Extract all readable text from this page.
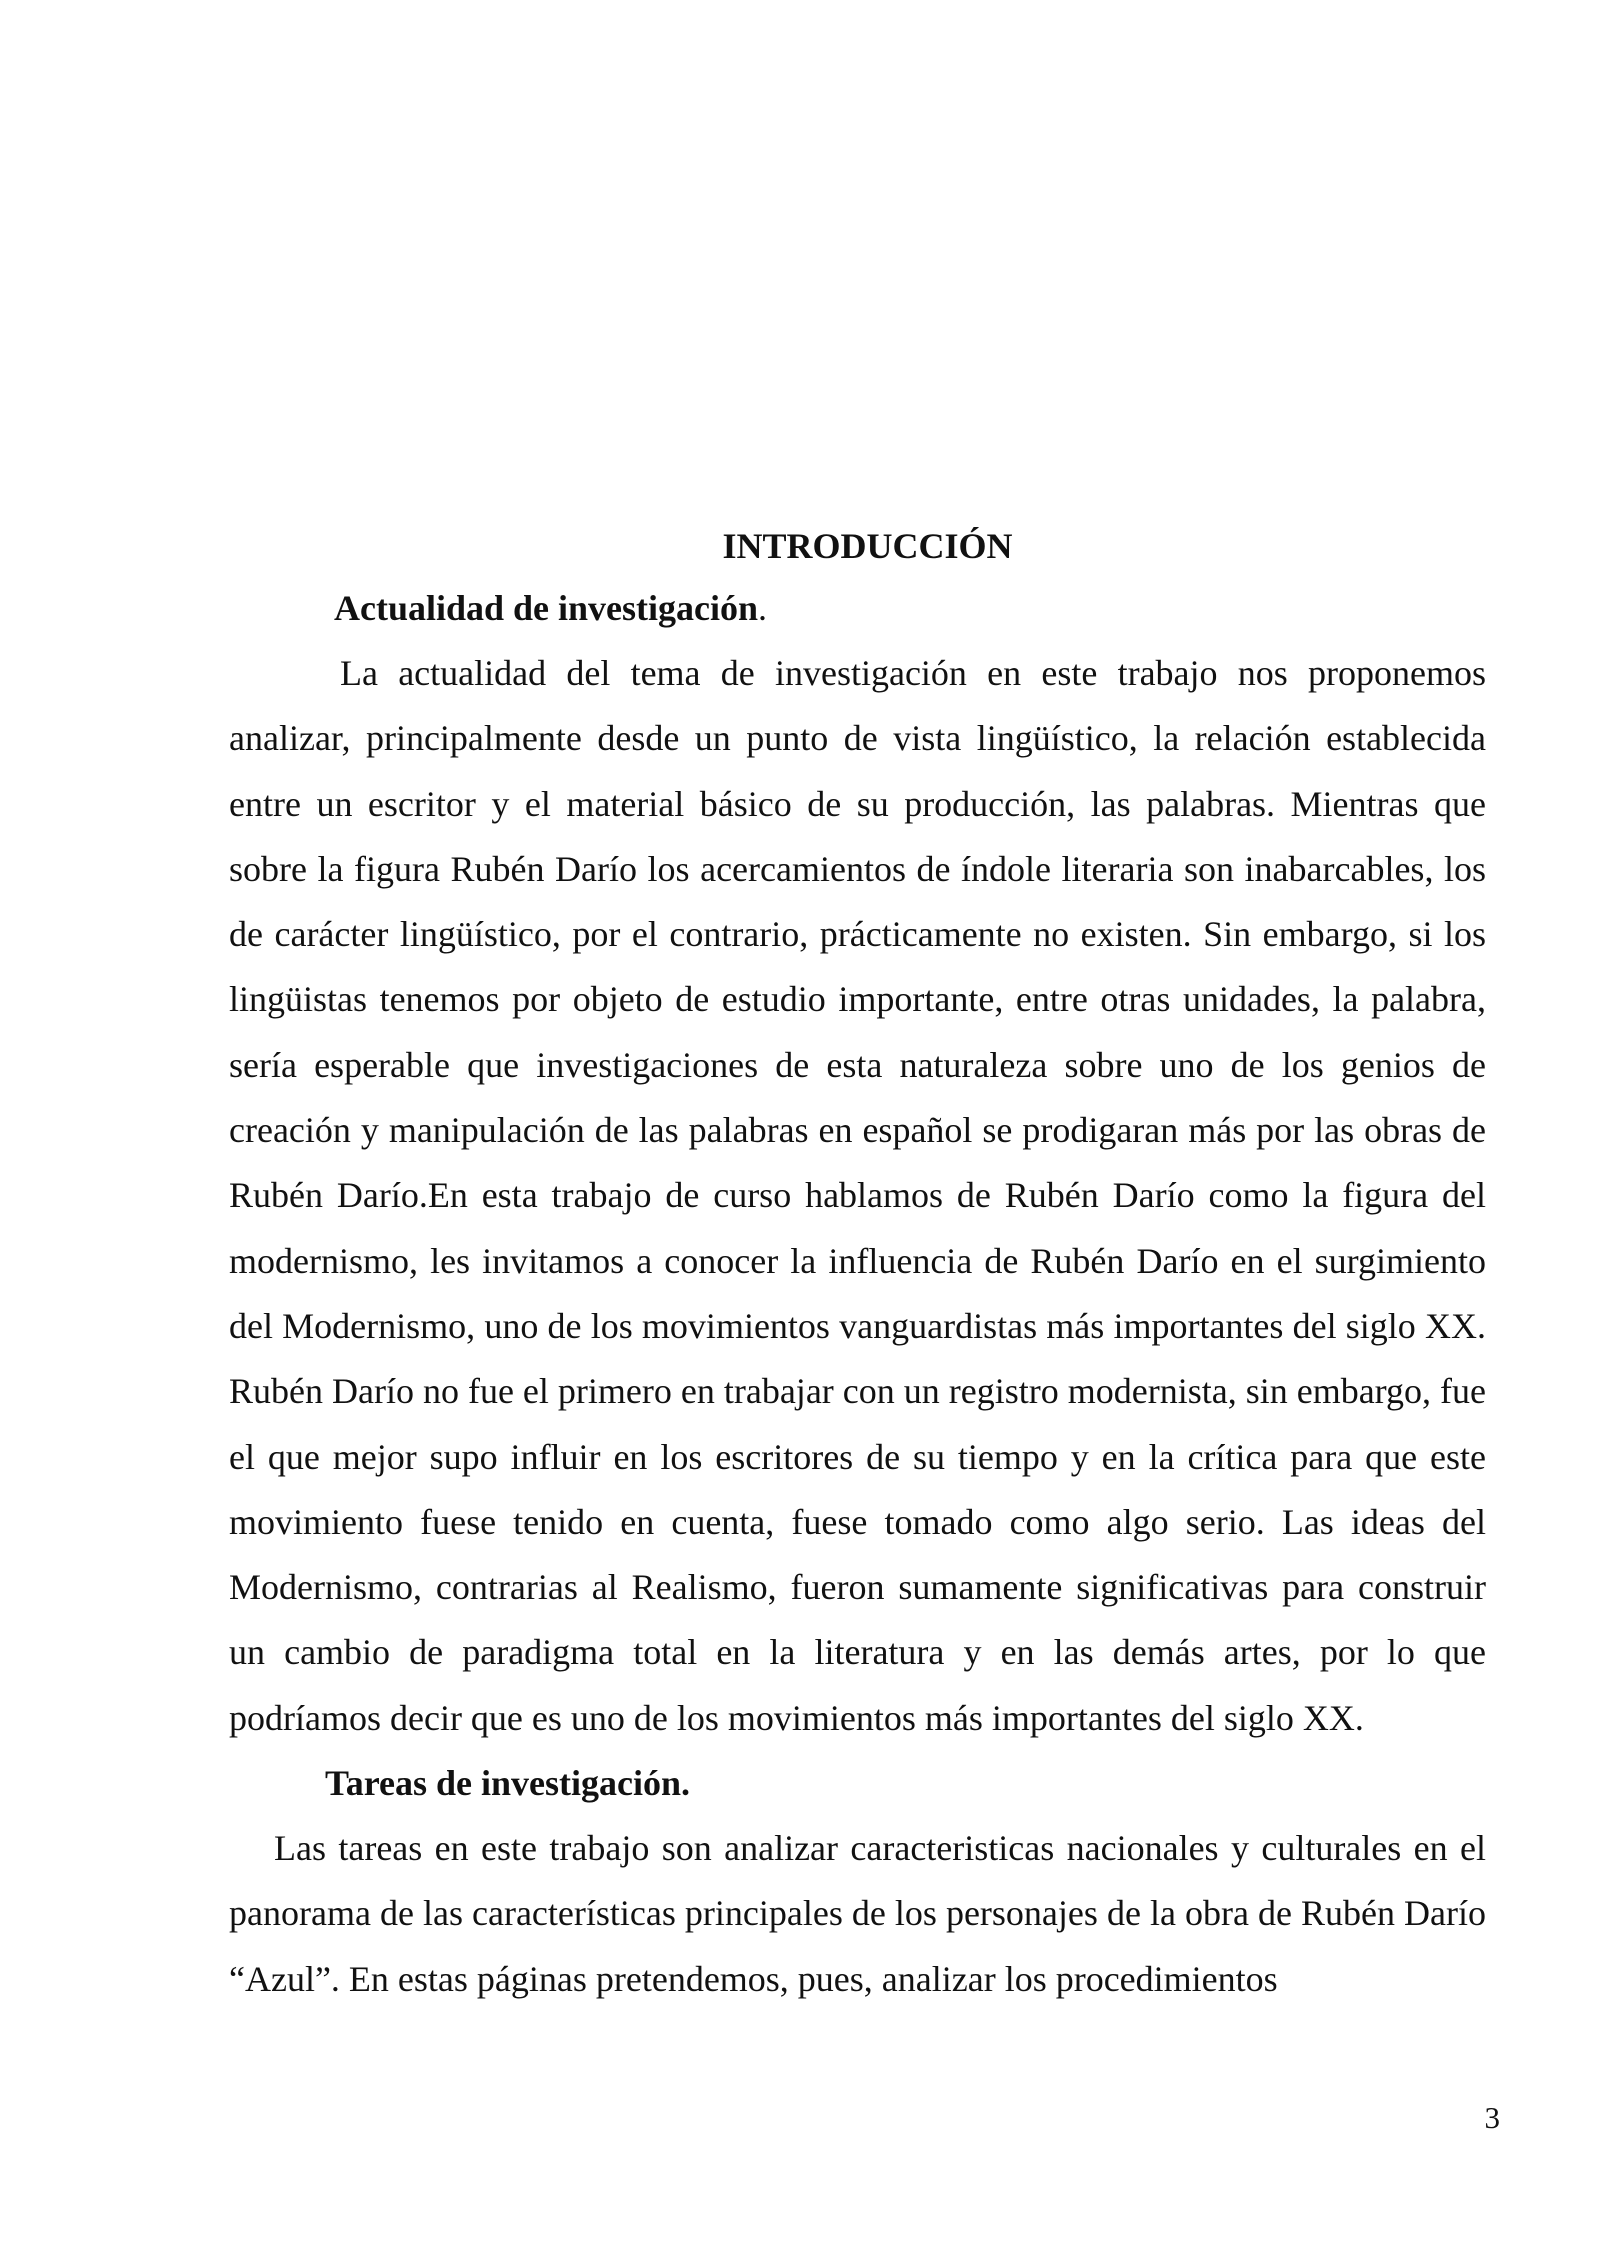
INTRODUCCIÓN
Actualidad de investigación.

La actualidad del tema de investigación en este trabajo nos proponemos analizar, principalmente desde un punto de vista lingüístico, la relación establecida entre un escritor y el material básico de su producción, las palabras. Mientras que sobre la figura Rubén Darío los acercamientos de índole literaria son inabarcables, los de carácter lingüístico, por el contrario, prácticamente no existen. Sin embargo, si los lingüistas tenemos por objeto de estudio importante, entre otras unidades, la palabra, sería esperable que investigaciones de esta naturaleza sobre uno de los genios de creación y manipulación de las palabras en español se prodigaran más por las obras de Rubén Darío.En esta trabajo de curso hablamos de Rubén Darío como la figura del modernismo, les invitamos a conocer la influencia de Rubén Darío en el surgimiento del Modernismo, uno de los movimientos vanguardistas más importantes del siglo XX. Rubén Darío no fue el primero en trabajar con un registro modernista, sin embargo, fue el que mejor supo influir en los escritores de su tiempo y en la crítica para que este movimiento fuese tenido en cuenta, fuese tomado como algo serio. Las ideas del Modernismo, contrarias al Realismo, fueron sumamente significativas para construir un cambio de paradigma total en la literatura y en las demás artes, por lo que podríamos decir que es uno de los movimientos más importantes del siglo XX.

Tareas de investigación.

Las tareas en este trabajo son analizar caracteristicas nacionales y culturales en el panorama de las características principales de los personajes de la obra de Rubén Darío “Azul”. En estas páginas pretendemos, pues, analizar los procedimientos

3
